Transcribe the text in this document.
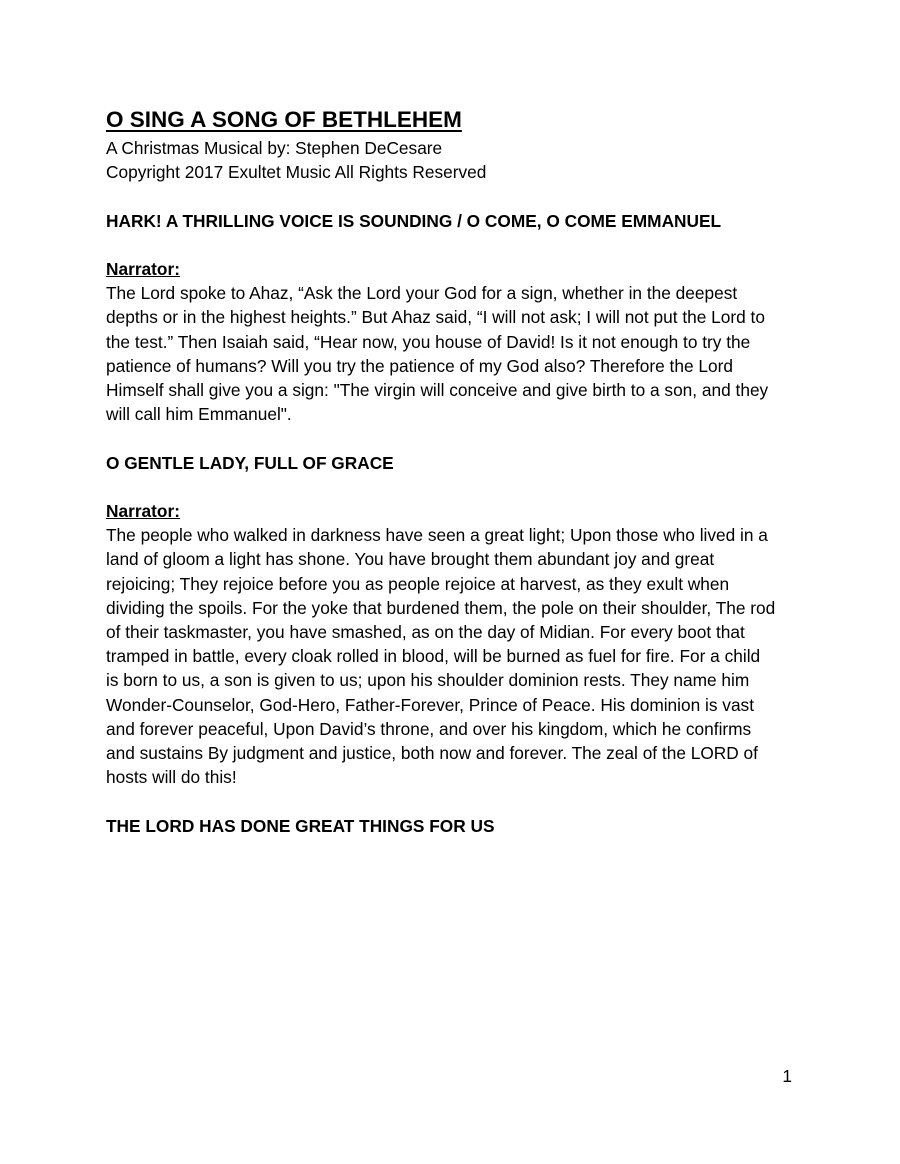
O SING A SONG OF BETHLEHEM
A Christmas Musical by: Stephen DeCesare
Copyright 2017 Exultet Music All Rights Reserved
HARK! A THRILLING VOICE IS SOUNDING / O COME, O COME EMMANUEL
Narrator:
The Lord spoke to Ahaz, “Ask the Lord your God for a sign, whether in the deepest
depths or in the highest heights.” But Ahaz said, “I will not ask; I will not put the Lord to
the test.” Then Isaiah said, “Hear now, you house of David! Is it not enough to try the
patience of humans? Will you try the patience of my God also? Therefore the Lord
Himself shall give you a sign: "The virgin will conceive and give birth to a son, and they
will call him Emmanuel".
O GENTLE LADY, FULL OF GRACE
Narrator:
The people who walked in darkness have seen a great light; Upon those who lived in a
land of gloom a light has shone. You have brought them abundant joy and great
rejoicing; They rejoice before you as people rejoice at harvest, as they exult when
dividing the spoils. For the yoke that burdened them, the pole on their shoulder, The rod
of their taskmaster, you have smashed, as on the day of Midian. For every boot that
tramped in battle, every cloak rolled in blood, will be burned as fuel for fire. For a child
is born to us, a son is given to us; upon his shoulder dominion rests. They name him
Wonder-Counselor, God-Hero, Father-Forever, Prince of Peace. His dominion is vast
and forever peaceful, Upon David’s throne, and over his kingdom, which he confirms
and sustains By judgment and justice, both now and forever. The zeal of the LORD of
hosts will do this!
THE LORD HAS DONE GREAT THINGS FOR US
1
